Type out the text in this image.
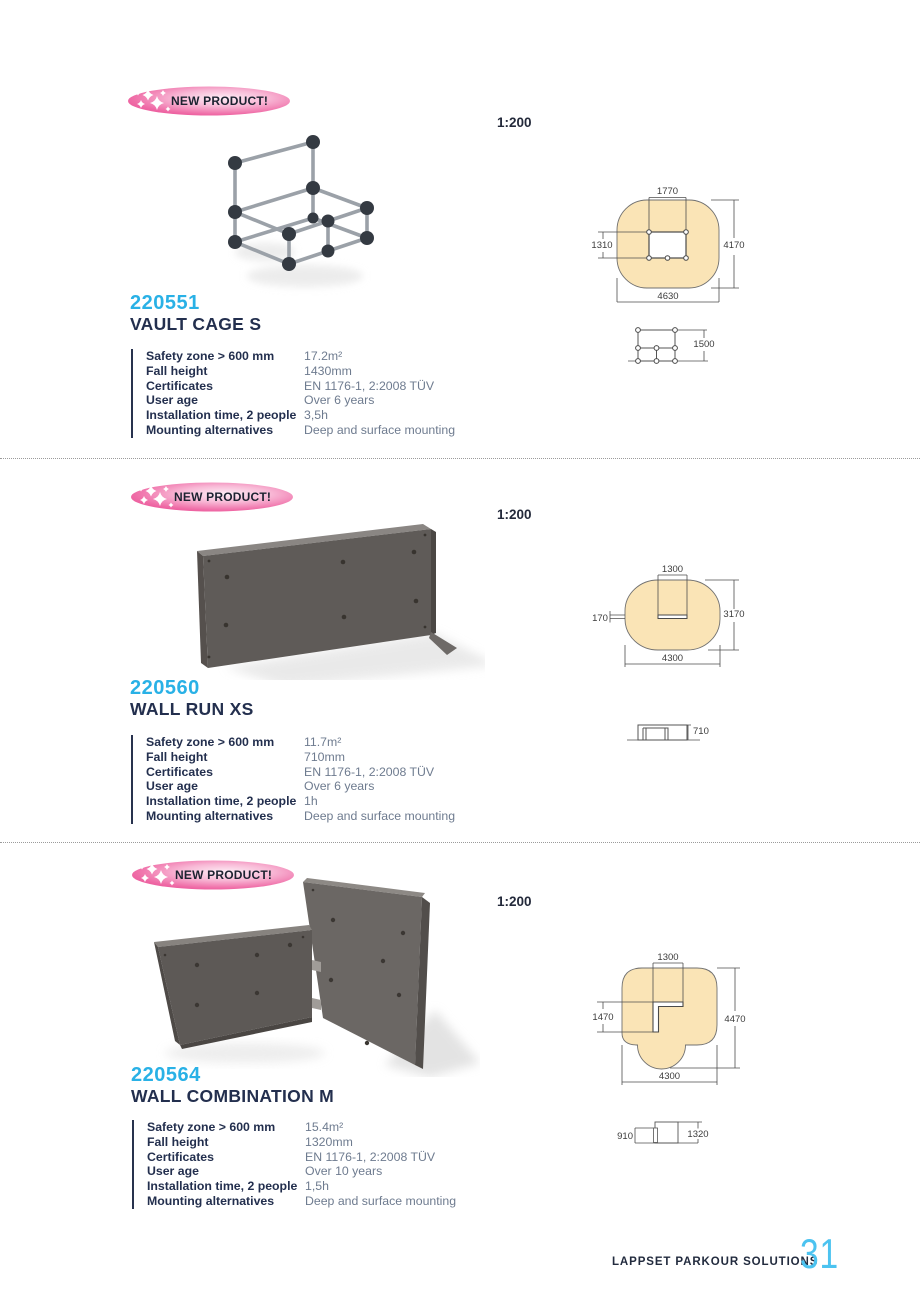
NEW PRODUCT!
1:200
1770
1310	4170
4630
1500
220551
VAULT CAGE S
Safety zone > 600 mm	17.2m²
Fall height	1430mm
Certificates	EN 1176-1, 2:2008 TÜV
User age	Over 6 years
Installation time, 2 people 3,5h
Mounting alternatives	Deep and surface mounting
NEW PRODUCT!
1:200
1300
170	3170
4300
710
220560
WALL RUN XS
Safety zone > 600 mm	11.7m²
Fall height	710mm
Certificates	EN 1176-1, 2:2008 TÜV
User age	Over 6 years
Installation time, 2 people 1h
Mounting alternatives	Deep and surface mounting
NEW PRODUCT!
1:200
1300
1470	4470
4300
910	1320
220564
WALL COMBINATION M
Safety zone > 600 mm	15.4m²
Fall height	1320mm
Certificates	EN 1176-1, 2:2008 TÜV
User age	Over 10 years
Installation time, 2 people 1,5h
Mounting alternatives	Deep and surface mounting
LAPPSET PARKOUR SOLUTIONS
31
